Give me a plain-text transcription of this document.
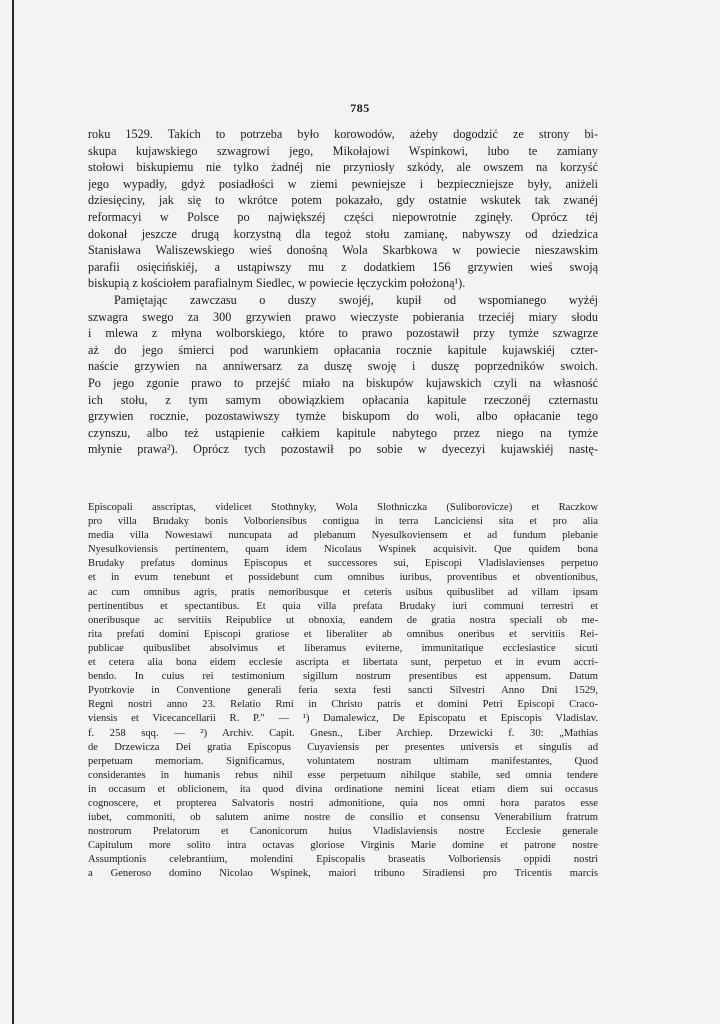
785
roku 1529. Takich to potrzeba było korowodów, ażeby dogodzić ze strony bi-
skupa kujawskiego szwagrowi jego, Mikołajowi Wspinkowi, lubo te zamiany
stołowi biskupiemu nie tylko żadnéj nie przyniosły szkódy, ale owszem na korzyść
jego wypadły, gdyż posiadłości w ziemi pewniejsze i bezpieczniejsze były, aniżeli
dziesięciny, jak się to wkrótce potem pokazało, gdy ostatnie wskutek tak zwanéj
reformacyi w Polsce po największéj części niepowrotnie zginęły. Oprócz téj
dokonał jeszcze drugą korzystną dla tegoż stołu zamianę, nabywszy od dziedzica
Stanisława Waliszewskiego wieś donośną Wola Skarbkowa w powiecie nieszawskim
parafii osięcińskiéj, a ustąpiwszy mu z dodatkiem 156 grzywien wieś swoją
biskupią z kościołem parafialnym Siedlec, w powiecie łęczyckim położoną¹).
Pamiętając zawczasu o duszy swojéj, kupił od wspomianego wyżéj
szwagra swego za 300 grzywien prawo wieczyste pobierania trzeciéj miary słodu
i mlewa z młyna wolborskiego, które to prawo pozostawił przy tymże szwagrze
aż do jego śmierci pod warunkiem opłacania rocznie kapitule kujawskiéj czter-
naście grzywien na anniwersarz za duszę swoję i duszę poprzedników swoich.
Po jego zgonie prawo to przejść miało na biskupów kujawskich czyli na własność
ich stołu, z tym samym obowiązkiem opłacania kapitule rzeczonéj czternastu
grzywien rocznie, pozostawiwszy tymże biskupom do woli, albo opłacanie tego
czynszu, albo też ustąpienie całkiem kapitule nabytego przez niego na tymże
młynie prawa²). Oprócz tych pozostawił po sobie w dyecezyi kujawskiéj nastę-
Episcopali asscriptas, videlicet Stothnyky, Wola Slothniczka (Suliborovicze) et Raczkow
pro villa Brudaky bonis Volboriensibus contigua in terra Lanciciensi sita et pro alia
media villa Nowestawi nuncupata ad plebanum Nyesulkoviensem et ad fundum plebanie
Nyesulkoviensis pertinentem, quam idem Nicolaus Wspinek acquisivit. Que quidem bona
Brudaky prefatus dominus Episcopus et successores sui, Episcopi Vladislavienses perpetuo
et in evum tenebunt et possidebunt cum omnibus iuribus, proventibus et obventionibus,
ac cum omnibus agris, pratis nemoribusque et ceteris usibus quibuslibet ad villam ipsam
pertinentibus et spectantibus. Et quia villa prefata Brudaky iuri communi terrestri et
oneribusque ac servitiis Reipublice ut obnoxia, eandem de gratia nostra speciali ob me-
rita prefati domini Episcopi gratiose et liberaliter ab omnibus oneribus et servitiis Rei-
publicae quibuslibet absolvimus et liberamus eviterne, immunitatique ecclesiastice sicuti
et cetera alia bona eidem ecclesie ascripta et libertata sunt, perpetuo et in evum accri-
bendo. In cuius rei testimonium sigillum nostrum presentibus est appensum. Datum
Pyotrkovie in Conventione generali feria sexta festi sancti Silvestri Anno Dni 1529,
Regni nostri anno 23. Relatio Rmi in Christo patris et domini Petri Episcopi Craco-
viensis et Vicecancellarii R. P." — ¹) Damalewicz, De Episcopatu et Episcopis Vladislav.
f. 258 sqq. — ²) Archiv. Capit. Gnesn., Liber Archiep. Drzewicki f. 30: „Mathias
de Drzewicza Dei gratia Episcopus Cuyaviensis per presentes universis et singulis ad
perpetuam memoriam. Significamus, voluntatem nostram ultimam manifestantes, Quod
considerantes in humanis rebus nihil esse perpetuum nihilque stabile, sed omnia tendere
in occasum et oblicionem, ita quod divina ordinatione nemini liceat etiam diem sui occasus
cognoscere, et propterea Salvatoris nostri admonitione, quia nos omni hora paratos esse
iubet, commoniti, ob salutem anime nostre de consilio et consensu Venerabilium fratrum
nostrorum Prelatorum et Canonicorum huius Vladislaviensis nostre Ecclesie generale
Capitulum more solito intra octavas gloriose Virginis Marie domine et patrone nostre
Assumptionis celebrantium, molendini Episcopalis braseatis Volboriensis oppidi nostri
a Generoso domino Nicolao Wspinek, maiori tribuno Siradiensi pro Tricentis marcis
